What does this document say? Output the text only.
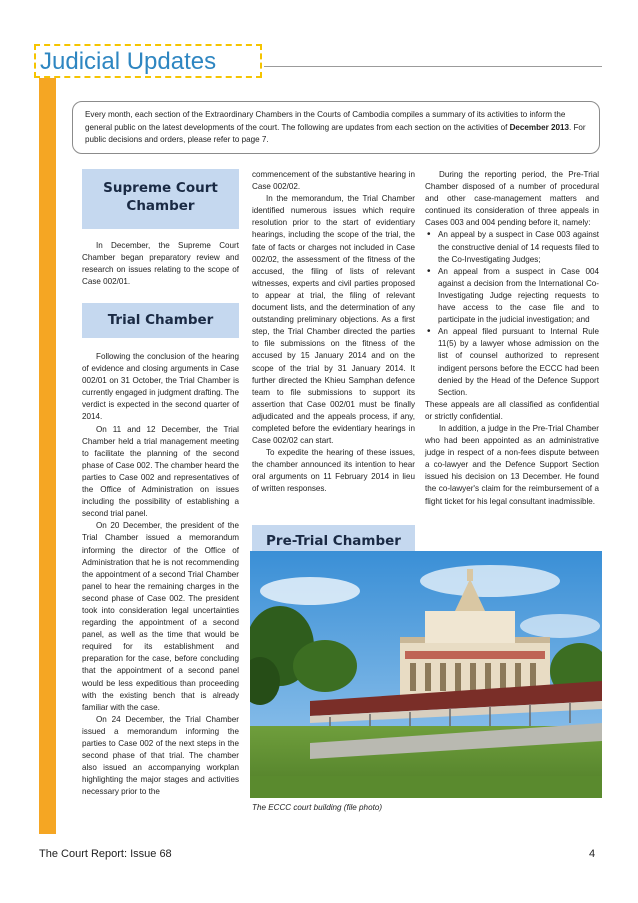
Judicial Updates
Every month, each section of the Extraordinary Chambers in the Courts of Cambodia compiles a summary of its activities to inform the general public on the latest developments of the court. The following are updates from each section on the activities of December 2013. For public decisions and orders, please refer to page 7.
Supreme Court
Chamber

In December, the Supreme Court Chamber began preparatory review and research on issues relating to the scope of Case 002/01.

Trial Chamber

Following the conclusion of the hearing of evidence and closing arguments in Case 002/01 on 31 October, the Trial Chamber is currently engaged in judgment drafting. The verdict is expected in the second quarter of 2014.

On 11 and 12 December, the Trial Chamber held a trial management meeting to facilitate the planning of the second phase of Case 002. The chamber heard the parties to Case 002 and representatives of the Office of Administration on issues including the possibility of establishing a second trial panel.

On 20 December, the president of the Trial Chamber issued a memorandum informing the director of the Office of Administration that he is not recommending the appointment of a second Trial Chamber panel to hear the remaining charges in the second phase of Case 002. The president took into consideration legal uncertainties regarding the appointment of a second panel, as well as the time that would be required for its establishment and preparation for the case, before concluding that the appointment of a second panel would be less expeditious than proceeding with the existing bench that is already familiar with the case.

On 24 December, the Trial Chamber issued a memorandum informing the parties to Case 002 of the next steps in the second phase of that trial. The chamber also issued an accompanying workplan highlighting the major stages and activities necessary prior to the

commencement of the substantive hearing in Case 002/02.

In the memorandum, the Trial Chamber identified numerous issues which require resolution prior to the start of evidentiary hearings, including the scope of the trial, the fate of facts or charges not included in Case 002/02, the assessment of the fitness of the accused, the filing of lists of relevant witnesses, experts and civil parties proposed to appear at trial, the filing of relevant document lists, and the determination of any outstanding preliminary objections. As a first step, the Trial Chamber directed the parties to file submissions on the fitness of the accused by 15 January 2014 and on the scope of the trial by 31 January 2014. It further directed the Khieu Samphan defence team to file submissions to support its assertion that Case 002/01 must be finally adjudicated and the appeals process, if any, completed before the evidentiary hearings in Case 002/02 can start.

To expedite the hearing of these issues, the chamber announced its intention to hear oral arguments on 11 February 2014 in lieu of written responses.

Pre-Trial Chamber

During the reporting period, the Pre-Trial Chamber disposed of a number of procedural and other case-management matters and continued its consideration of three appeals in Cases 003 and 004 pending before it, namely:

• An appeal by a suspect in Case 003 against the constructive denial of 14 requests filed to the Co-Investigating Judges;
• An appeal from a suspect in Case 004 against a decision from the International Co-Investigating Judge rejecting requests to have access to the case file and to participate in the judicial investigation; and
• An appeal filed pursuant to Internal Rule 11(5) by a lawyer whose admission on the list of counsel authorized to represent indigent persons before the ECCC had been denied by the Head of the Defence Support Section.

These appeals are all classified as confidential or strictly confidential.

In addition, a judge in the Pre-Trial Chamber who had been appointed as an administrative judge in respect of a non-fees dispute between a co-lawyer and the Defence Support Section issued his decision on 13 December. He found the co-lawyer's claim for the reimbursement of a flight ticket for his legal consultant inadmissible.

The ECCC court building (file photo)
The Court Report: Issue 68	4
